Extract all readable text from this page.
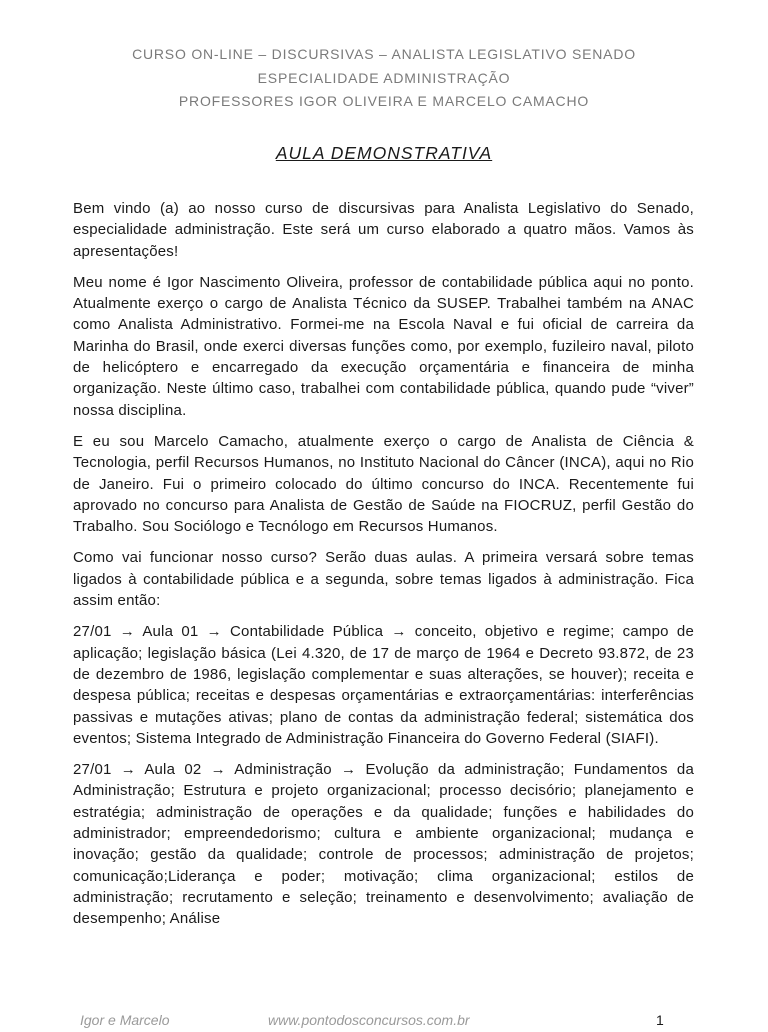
CURSO ON-LINE – DISCURSIVAS – ANALISTA LEGISLATIVO SENADO
ESPECIALIDADE ADMINISTRAÇÃO
PROFESSORES IGOR OLIVEIRA E MARCELO CAMACHO
AULA DEMONSTRATIVA

Bem vindo (a) ao nosso curso de discursivas para Analista Legislativo do Senado, especialidade administração. Este será um curso elaborado a quatro mãos. Vamos às apresentações!

Meu nome é Igor Nascimento Oliveira, professor de contabilidade pública aqui no ponto. Atualmente exerço o cargo de Analista Técnico da SUSEP. Trabalhei também na ANAC como Analista Administrativo. Formei-me na Escola Naval e fui oficial de carreira da Marinha do Brasil, onde exerci diversas funções como, por exemplo, fuzileiro naval, piloto de helicóptero e encarregado da execução orçamentária e financeira de minha organização. Neste último caso, trabalhei com contabilidade pública, quando pude “viver” nossa disciplina.

E eu sou Marcelo Camacho, atualmente exerço o cargo de Analista de Ciência & Tecnologia, perfil Recursos Humanos, no Instituto Nacional do Câncer (INCA), aqui no Rio de Janeiro. Fui o primeiro colocado do último concurso do INCA. Recentemente fui aprovado no concurso para Analista de Gestão de Saúde na FIOCRUZ, perfil Gestão do Trabalho. Sou Sociólogo e Tecnólogo em Recursos Humanos.

Como vai funcionar nosso curso? Serão duas aulas. A primeira versará sobre temas ligados à contabilidade pública e a segunda, sobre temas ligados à administração. Fica assim então:

27/01 → Aula 01 → Contabilidade Pública → conceito, objetivo e regime; campo de aplicação; legislação básica (Lei 4.320, de 17 de março de 1964 e Decreto 93.872, de 23 de dezembro de 1986, legislação complementar e suas alterações, se houver); receita e despesa pública; receitas e despesas orçamentárias e extraorçamentárias: interferências passivas e mutações ativas; plano de contas da administração federal; sistemática dos eventos; Sistema Integrado de Administração Financeira do Governo Federal (SIAFI).

27/01 → Aula 02 → Administração → Evolução da administração; Fundamentos da Administração; Estrutura e projeto organizacional; processo decisório; planejamento e estratégia; administração de operações e da qualidade; funções e habilidades do administrador; empreendedorismo; cultura e ambiente organizacional; mudança e inovação; gestão da qualidade; controle de processos; administração de projetos; comunicação;Liderança e poder; motivação; clima organizacional; estilos de administração; recrutamento e seleção; treinamento e desenvolvimento; avaliação de desempenho; Análise

Igor e Marcelo	www.pontodosconcursos.com.br	1
